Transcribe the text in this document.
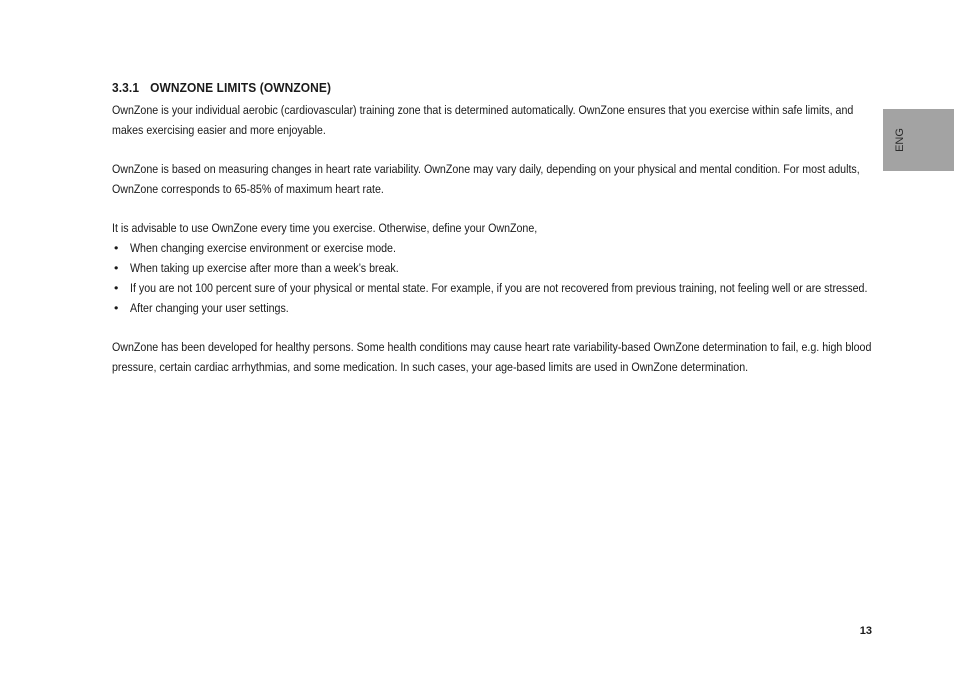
3.3.1 OWNZONE LIMITS (OWNZONE)

OwnZone is your individual aerobic (cardiovascular) training zone that is determined automatically. OwnZone ensures that you exercise within safe limits, and makes exercising easier and more enjoyable.

OwnZone is based on measuring changes in heart rate variability. OwnZone may vary daily, depending on your physical and mental condition. For most adults, OwnZone corresponds to 65-85% of maximum heart rate.

It is advisable to use OwnZone every time you exercise. Otherwise, define your OwnZone,

• When changing exercise environment or exercise mode.
• When taking up exercise after more than a week’s break.
• If you are not 100 percent sure of your physical or mental state. For example, if you are not recovered from previous training, not feeling well or are stressed.
• After changing your user settings.

OwnZone has been developed for healthy persons. Some health conditions may cause heart rate variability-based OwnZone determination to fail, e.g. high blood pressure, certain cardiac arrhythmias, and some medication. In such cases, your age-based limits are used in OwnZone determination.

ENG
13
